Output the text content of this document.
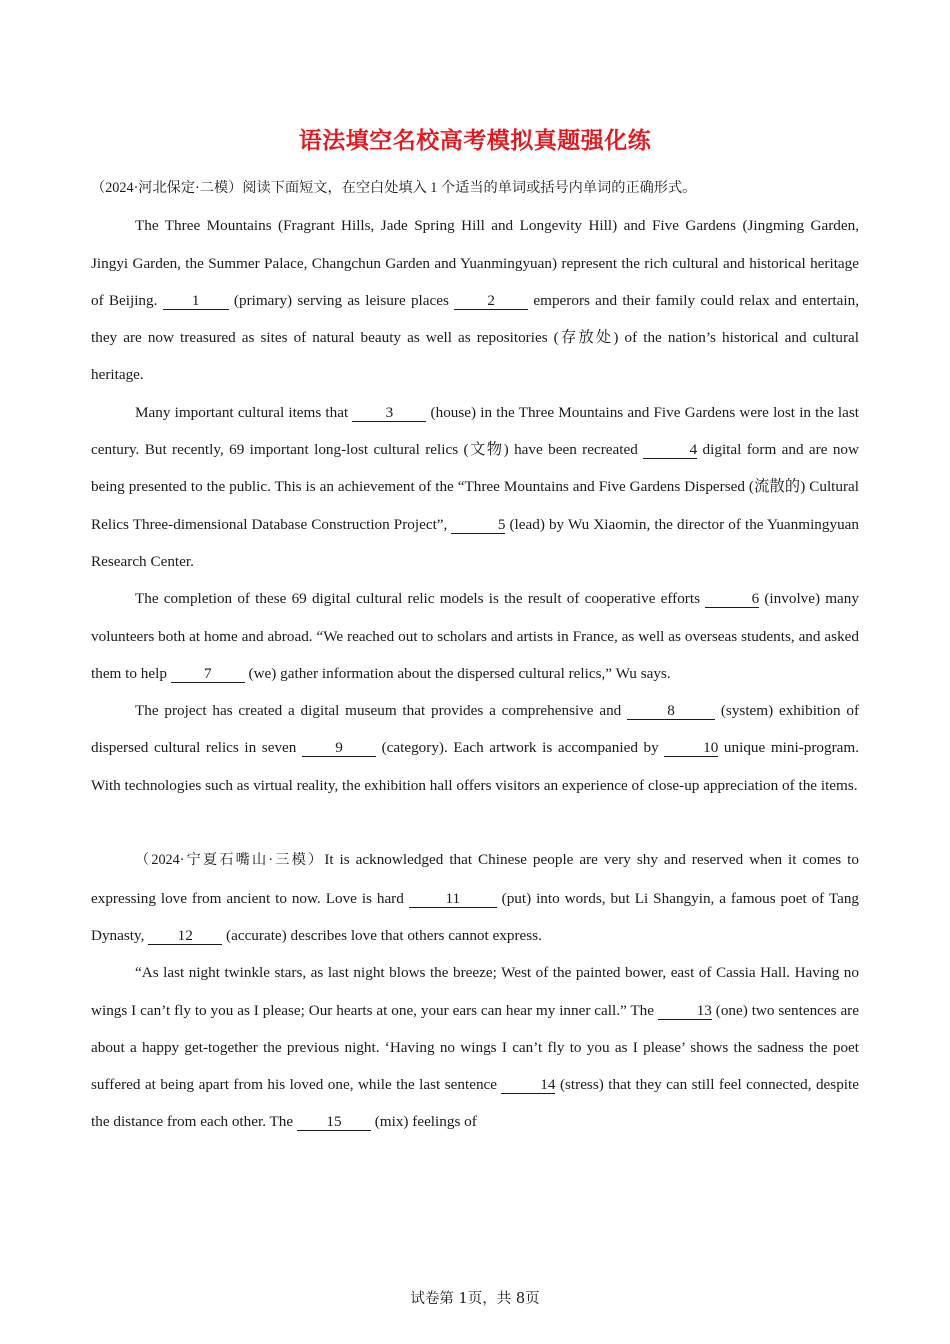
语法填空名校高考模拟真题强化练

（2024·河北保定·二模）阅读下面短文，在空白处填入 1 个适当的单词或括号内单词的正确形式。

The Three Mountains (Fragrant Hills, Jade Spring Hill and Longevity Hill) and Five Gardens (Jingming Garden, Jingyi Garden, the Summer Palace, Changchun Garden and Yuanmingyuan) represent the rich cultural and historical heritage of Beijing. 1 (primary) serving as leisure places 2 emperors and their family could relax and entertain, they are now treasured as sites of natural beauty as well as repositories (存放处) of the nation’s historical and cultural heritage.

Many important cultural items that 3 (house) in the Three Mountains and Five Gardens were lost in the last century. But recently, 69 important long-lost cultural relics (文物) have been recreated	4 digital form and are now being presented to the public. This is an achievement of the “Three Mountains and Five Gardens Dispersed (流散的) Cultural Relics Three-dimensional Database Construction Project”,	5 (lead) by Wu Xiaomin, the director of the Yuanmingyuan Research Center.

The completion of these 69 digital cultural relic models is the result of cooperative efforts	6 (involve) many volunteers both at home and abroad. “We reached out to scholars and artists in France, as well as overseas students, and asked them to help 7 (we) gather information about the dispersed cultural relics,” Wu says.

The project has created a digital museum that provides a comprehensive and	8	(system) exhibition of dispersed cultural relics in seven 9 (category). Each artwork is accompanied by	10 unique mini-program. With technologies such as virtual reality, the exhibition hall offers visitors an experience of close-up appreciation of the items.

（2024·宁夏石嘴山·三模）It is acknowledged that Chinese people are very shy and reserved when it comes to expressing love from ancient to now. Love is hard 11 (put) into words, but Li Shangyin, a famous poet of Tang Dynasty, 12 (accurate) describes love that others cannot express.

“As last night twinkle stars, as last night blows the breeze; West of the painted bower, east of Cassia Hall. Having no wings I can’t fly to you as I please; Our hearts at one, your ears can hear my inner call.” The	13 (one) two sentences are about a happy get-together the previous night. ‘Having no wings I can’t fly to you as I please’ shows the sadness the poet suffered at being apart from his loved one, while the last sentence	14 (stress) that they can still feel connected, despite the distance from each other. The 15 (mix) feelings of

试卷第 1页，共 8页
